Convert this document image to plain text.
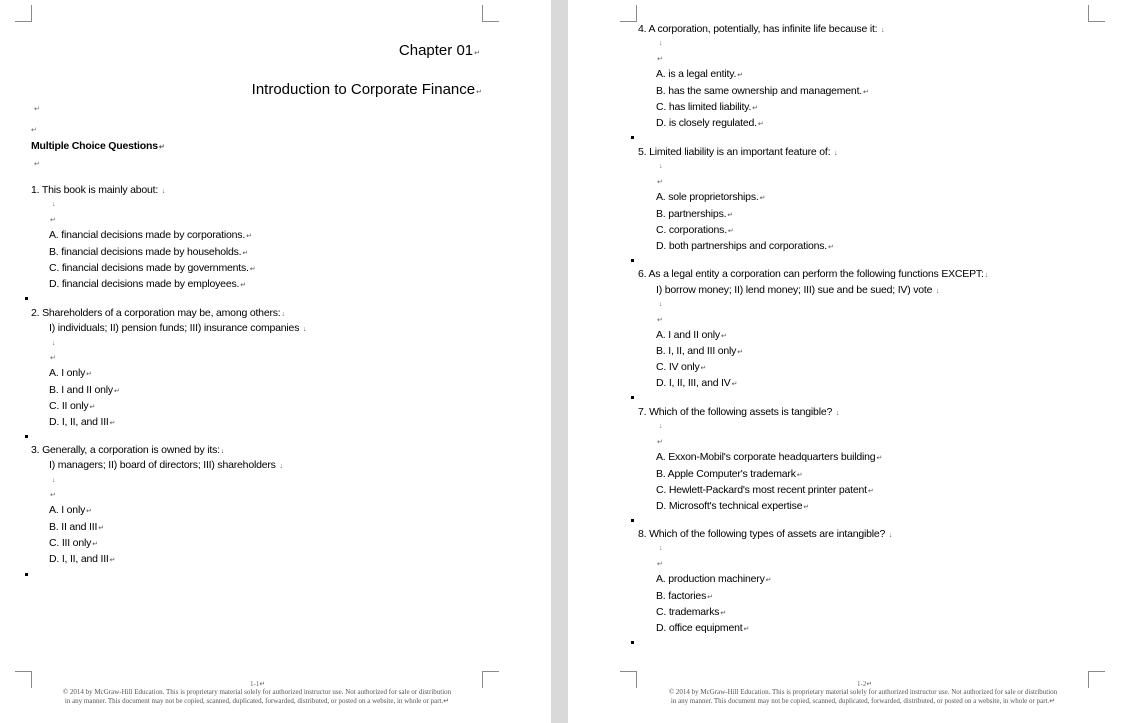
Chapter 01↵
Introduction to Corporate Finance↵
↵
↵
Multiple Choice Questions↵
↵
1. This book is mainly about: ↓
↓
↵
A. financial decisions made by corporations.↵
B. financial decisions made by households.↵
C. financial decisions made by governments.↵
D. financial decisions made by employees.↵
2. Shareholders of a corporation may be, among others:↓
I) individuals; II) pension funds; III) insurance companies ↓
↓
↵
A. I only↵
B. I and II only↵
C. II only↵
D. I, II, and III↵
3. Generally, a corporation is owned by its:↓
I) managers; II) board of directors; III) shareholders ↓
↓
↵
A. I only↵
B. II and III↵
C. III only↵
D. I, II, and III↵
1-1↵
© 2014 by McGraw-Hill Education. This is proprietary material solely for authorized instructor use. Not authorized for sale or distribution
in any manner. This document may not be copied, scanned, duplicated, forwarded, distributed, or posted on a website, in whole or part.↵
4. A corporation, potentially, has infinite life because it: ↓
↓
↵
A. is a legal entity.↵
B. has the same ownership and management.↵
C. has limited liability.↵
D. is closely regulated.↵
5. Limited liability is an important feature of: ↓
↓
↵
A. sole proprietorships.↵
B. partnerships.↵
C. corporations.↵
D. both partnerships and corporations.↵
6. As a legal entity a corporation can perform the following functions EXCEPT:↓
I) borrow money; II) lend money; III) sue and be sued; IV) vote ↓
↓
↵
A. I and II only↵
B. I, II, and III only↵
C. IV only↵
D. I, II, III, and IV↵
7. Which of the following assets is tangible? ↓
↓
↵
A. Exxon-Mobil's corporate headquarters building↵
B. Apple Computer's trademark↵
C. Hewlett-Packard's most recent printer patent↵
D. Microsoft's technical expertise↵
8. Which of the following types of assets are intangible? ↓
↓
↵
A. production machinery↵
B. factories↵
C. trademarks↵
D. office equipment↵
1-2↵
© 2014 by McGraw-Hill Education. This is proprietary material solely for authorized instructor use. Not authorized for sale or distribution
in any manner. This document may not be copied, scanned, duplicated, forwarded, distributed, or posted on a website, in whole or part.↵
